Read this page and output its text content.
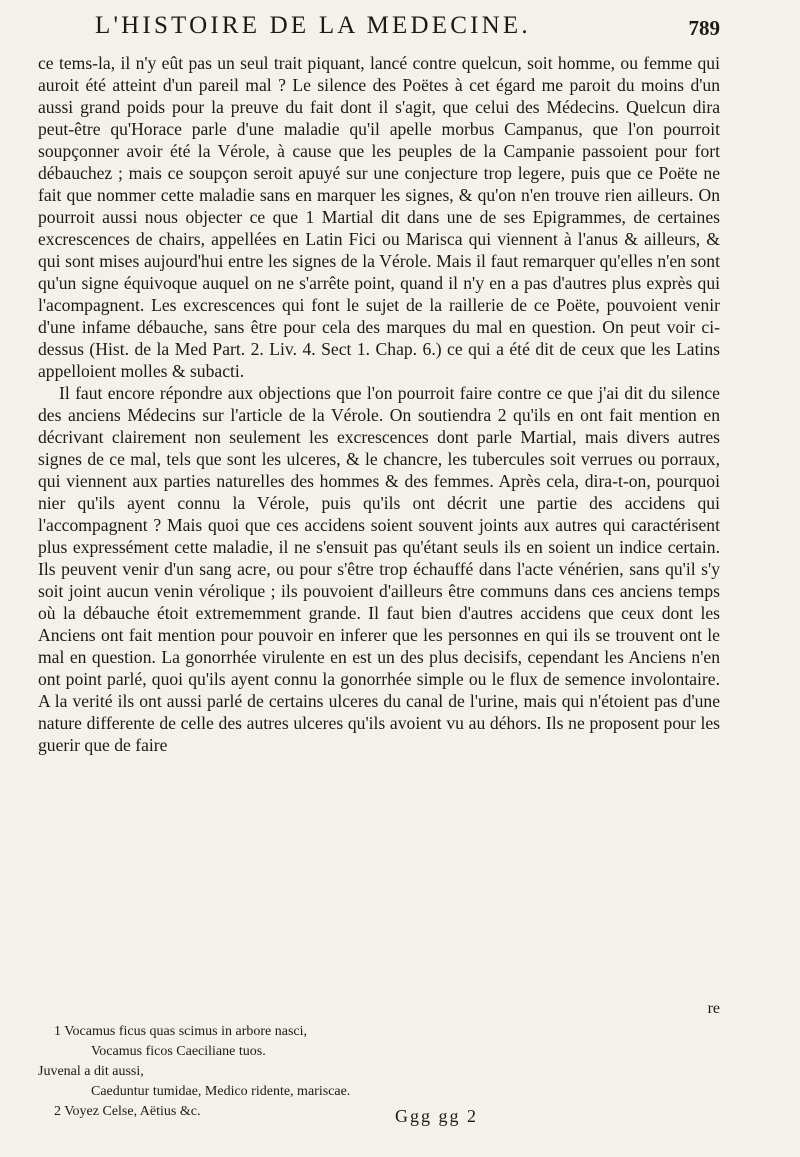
L'HISTOIRE DE LA MEDECINE.	789

ce tems-la, il n'y eût pas un seul trait piquant, lancé contre quelcun, soit homme, ou femme qui auroit été atteint d'un pareil mal ? Le silence des Poëtes à cet égard me paroit du moins d'un aussi grand poids pour la preuve du fait dont il s'agit, que celui des Médecins. Quelcun dira peut-être qu'Horace parle d'une maladie qu'il apelle morbus Campanus, que l'on pourroit soupçonner avoir été la Vérole, à cause que les peuples de la Campanie passoient pour fort débauchez ; mais ce soupçon seroit apuyé sur une conjecture trop legere, puis que ce Poëte ne fait que nommer cette maladie sans en marquer les signes, & qu'on n'en trouve rien ailleurs. On pourroit aussi nous objecter ce que 1 Martial dit dans une de ses Epigrammes, de certaines excrescences de chairs, appellées en Latin Fici ou Marisca qui viennent à l'anus & ailleurs, & qui sont mises aujourd'hui entre les signes de la Vérole. Mais il faut remarquer qu'elles n'en sont qu'un signe équivoque auquel on ne s'arrête point, quand il n'y en a pas d'autres plus exprès qui l'acompagnent. Les excrescences qui font le sujet de la raillerie de ce Poëte, pouvoient venir d'une infame débauche, sans être pour cela des marques du mal en question. On peut voir ci-dessus (Hist. de la Med Part. 2. Liv. 4. Sect 1. Chap. 6.) ce qui a été dit de ceux que les Latins appelloient molles & subacti.

Il faut encore répondre aux objections que l'on pourroit faire contre ce que j'ai dit du silence des anciens Médecins sur l'article de la Vérole. On soutiendra 2 qu'ils en ont fait mention en décrivant clairement non seulement les excrescences dont parle Martial, mais divers autres signes de ce mal, tels que sont les ulceres, & le chancre, les tubercules soit verrues ou porraux, qui viennent aux parties naturelles des hommes & des femmes. Après cela, dira-t-on, pourquoi nier qu'ils ayent connu la Vérole, puis qu'ils ont décrit une partie des accidens qui l'accompagnent ? Mais quoi que ces accidens soient souvent joints aux autres qui caractérisent plus expressément cette maladie, il ne s'ensuit pas qu'étant seuls ils en soient un indice certain. Ils peuvent venir d'un sang acre, ou pour s'être trop échauffé dans l'acte vénérien, sans qu'il s'y soit joint aucun venin vérolique ; ils pouvoient d'ailleurs être communs dans ces anciens temps où la débauche étoit extrememment grande. Il faut bien d'autres accidens que ceux dont les Anciens ont fait mention pour pouvoir en inferer que les personnes en qui ils se trouvent ont le mal en question. La gonorrhée virulente en est un des plus decisifs, cependant les Anciens n'en ont point parlé, quoi qu'ils ayent connu la gonorrhée simple ou le flux de semence involontaire. A la verité ils ont aussi parlé de certains ulceres du canal de l'urine, mais qui n'étoient pas d'une nature differente de celle des autres ulceres qu'ils avoient vu au déhors. Ils ne proposent pour les guerir que de faire

re
1 Vocamus ficus quas scimus in arbore nasci,
Vocamus ficos Caeciliane tuos.
Juvenal a dit aussi,
Caeduntur tumidae, Medico ridente, mariscae.
2 Voyez Celse, Aëtius &c.	Ggg gg 2
